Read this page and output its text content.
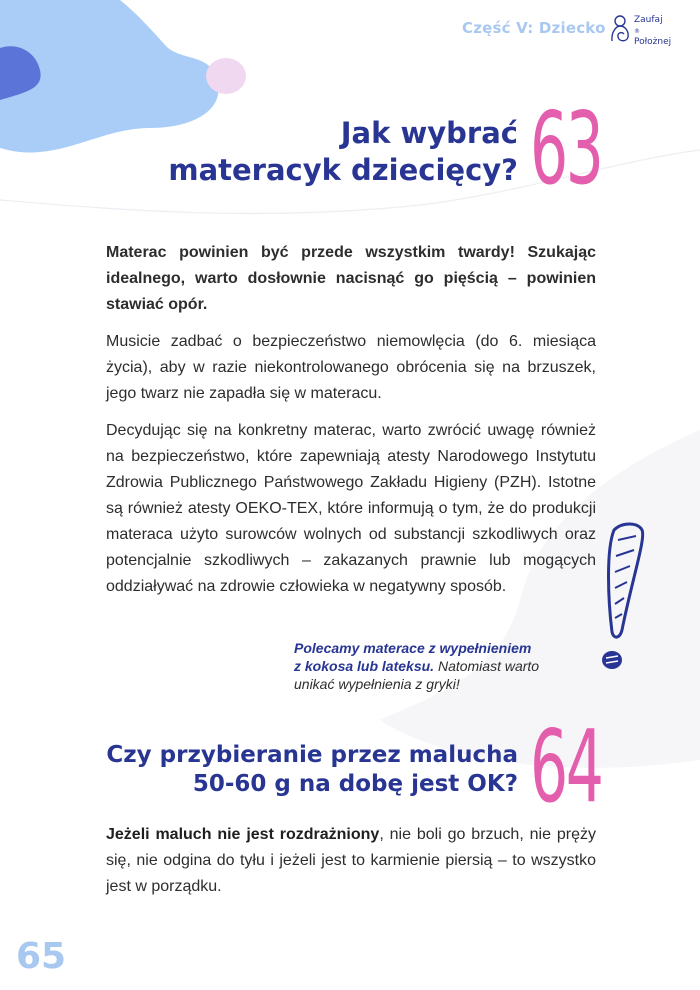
Część V: Dziecko	Zaufaj
®
Położnej
Jak wybrać
materacyk dziecięcy? 63

Materac powinien być przede wszystkim twardy! Szukając idealnego, warto dosłownie nacisnąć go pięścią – powinien stawiać opór.

Musicie zadbać o bezpieczeństwo niemowlęcia (do 6. miesiąca życia), aby w razie niekontrolowanego obrócenia się na brzuszek, jego twarz nie zapadła się w materacu.

Decydując się na konkretny materac, warto zwrócić uwagę również na bezpieczeństwo, które zapewniają atesty Narodowego Instytutu Zdrowia Publicznego Państwowego Zakładu Higieny (PZH). Istotne są również atesty OEKO-TEX, które informują o tym, że do produkcji materaca użyto surowców wolnych od substancji szkodliwych oraz potencjalnie szkodliwych – zakazanych prawnie lub mogących oddziaływać na zdrowie człowieka w negatywny sposób.

Polecamy materace z wypełnieniem
z kokosa lub lateksu. Natomiast warto
unikać wypełnienia z gryki!

Czy przybieranie przez malucha
50-60 g na dobę jest OK? 64

Jeżeli maluch nie jest rozdrażniony, nie boli go brzuch, nie pręży się, nie odgina do tyłu i jeżeli jest to karmienie piersią – to wszystko jest w porządku.

65
